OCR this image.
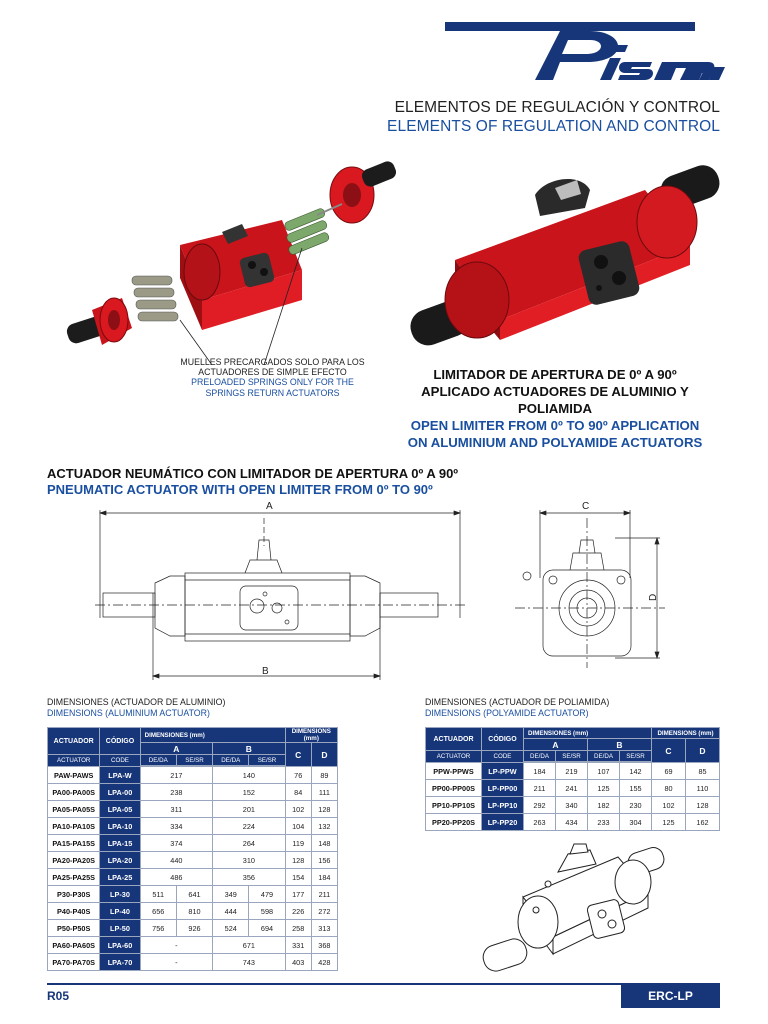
ELEMENTOS DE REGULACIÓN Y CONTROL
ELEMENTS OF REGULATION AND CONTROL
MUELLES PRECARGADOS SOLO PARA LOS
ACTUADORES DE SIMPLE EFECTO
PRELOADED SPRINGS ONLY FOR THE
SPRINGS RETURN ACTUATORS
LIMITADOR DE APERTURA DE 0º A 90º
APLICADO ACTUADORES DE ALUMINIO Y
POLIAMIDA
OPEN LIMITER FROM 0º TO 90º APPLICATION
ON ALUMINIUM AND POLYAMIDE ACTUATORS
ACTUADOR NEUMÁTICO CON LIMITADOR DE APERTURA 0º A 90º
PNEUMATIC ACTUATOR WITH OPEN LIMITER FROM 0º TO 90º
A
B
C
D
DIMENSIONES (ACTUADOR DE ALUMINIO)
DIMENSIONS (ALUMINIUM ACTUATOR)
DIMENSIONES (ACTUADOR DE POLIAMIDA)
DIMENSIONS (POLYAMIDE ACTUATOR)
ACTUADOR	CÓDIGO	DIMENSIONES (mm)				DIMENSIONS (mm)	
		A		B		C	D
ACTUATOR	CODE	DE/DA	SE/SR	DE/DA	SE/SR		

PAW-PAWS	LPA-W	217		140		76	89
PA00-PA00S	LPA-00	238		152		84	111
PA05-PA05S	LPA-05	311		201		102	128
PA10-PA10S	LPA-10	334		224		104	132
PA15-PA15S	LPA-15	374		264		119	148
PA20-PA20S	LPA-20	440		310		128	156
PA25-PA25S	LPA-25	486		356		154	184
P30-P30S	LP-30	511	641	349	479	177	211
P40-P40S	LP-40	656	810	444	598	226	272
P50-P50S	LP-50	756	926	524	694	258	313
PA60-PA60S	LPA-60	-		671		331	368
PA70-PA70S	LPA-70	-		743		403	428
ACTUADOR	CÓDIGO	DIMENSIONES (mm)				DIMENSIONS (mm)	
		A		B		C	D
ACTUATOR	CODE	DE/DA	SE/SR	DE/DA	SE/SR		

PPW-PPWS	LP-PPW	184	219	107	142	69	85
PP00-PP00S	LP-PP00	211	241	125	155	80	110
PP10-PP10S	LP-PP10	292	340	182	230	102	128
PP20-PP20S	LP-PP20	263	434	233	304	125	162
R05	ERC-LP
